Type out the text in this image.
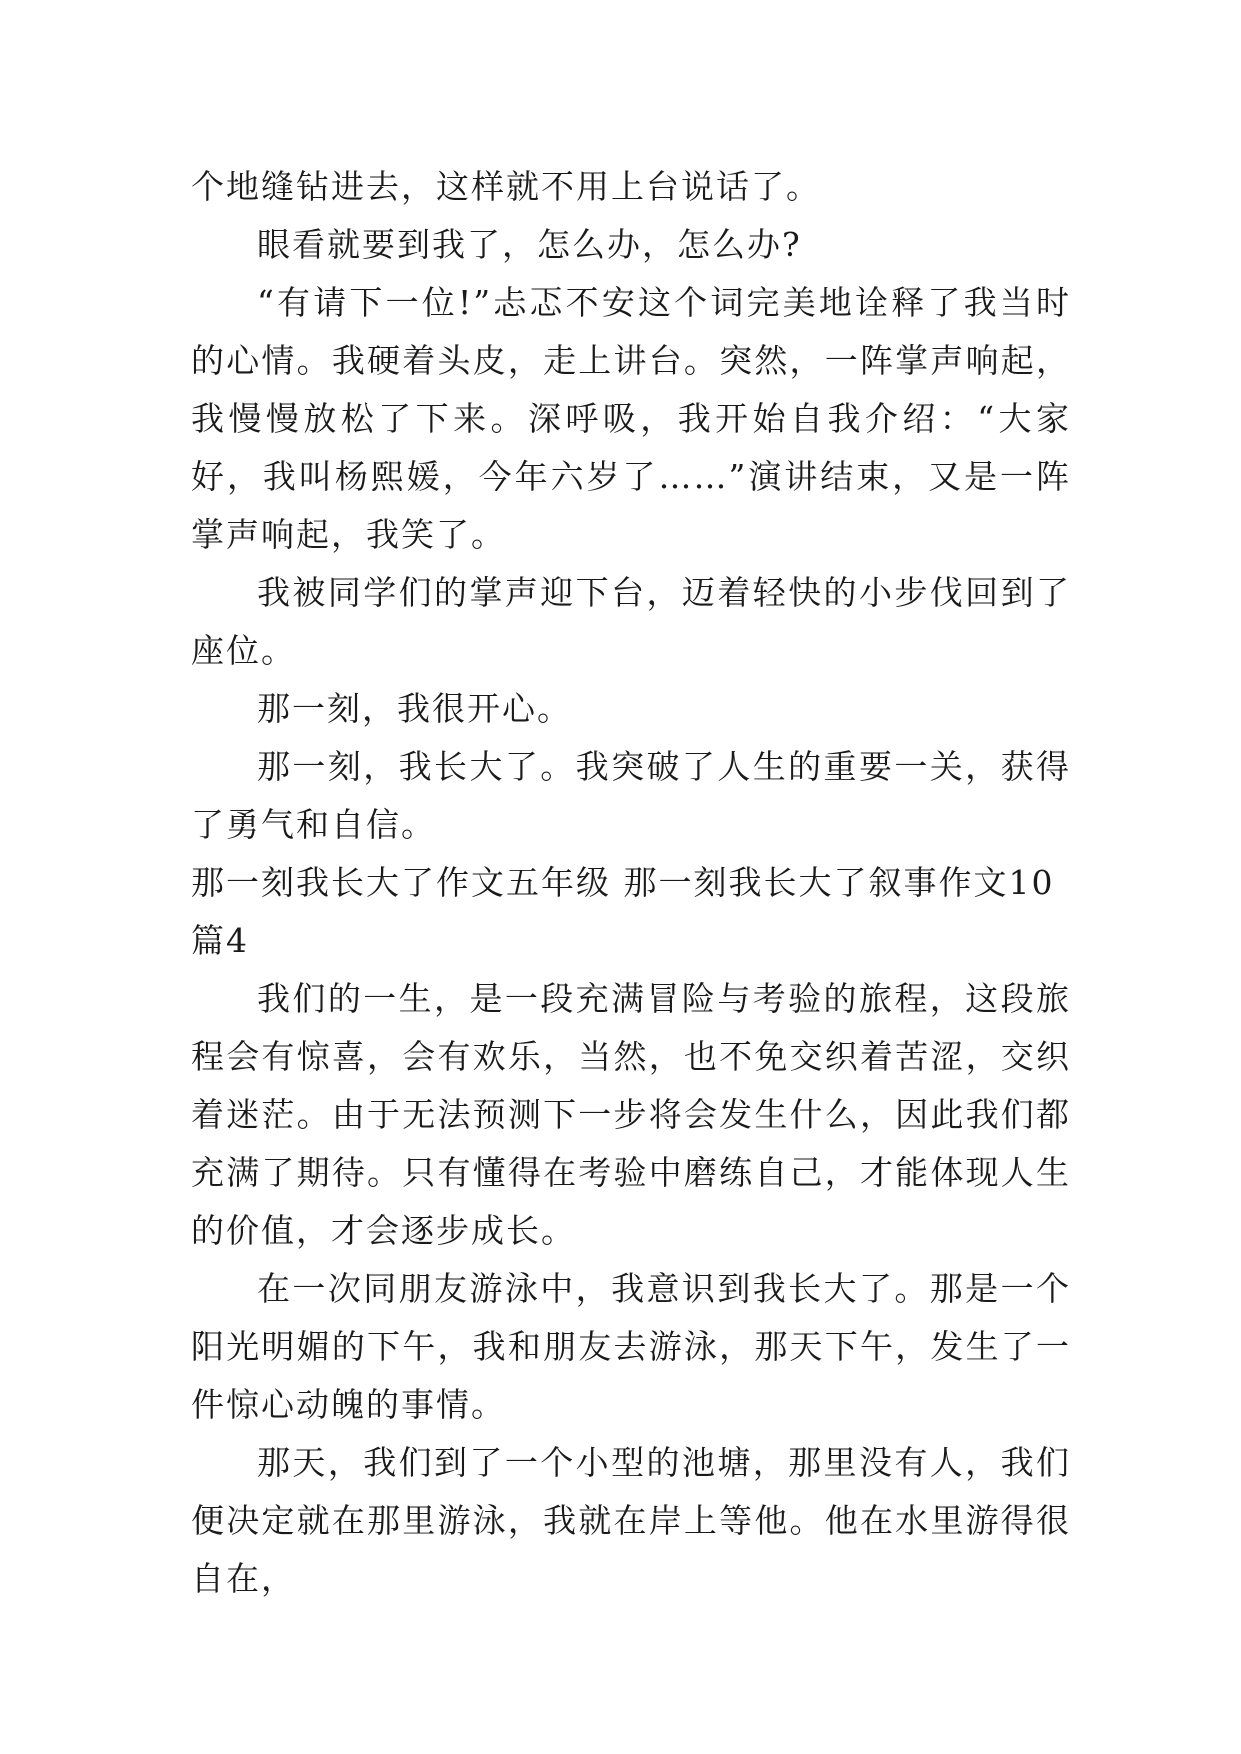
个地缝钻进去，这样就不用上台说话了。

眼看就要到我了，怎么办，怎么办?

“有请下一位!”忐忑不安这个词完美地诠释了我当时的心情。我硬着头皮，走上讲台。突然，一阵掌声响起，我慢慢放松了下来。深呼吸，我开始自我介绍：“大家好，我叫杨熙媛，今年六岁了……”演讲结束，又是一阵掌声响起，我笑了。

我被同学们的掌声迎下台，迈着轻快的小步伐回到了座位。

那一刻，我很开心。

那一刻，我长大了。我突破了人生的重要一关，获得了勇气和自信。

那一刻我长大了作文五年级 那一刻我长大了叙事作文10篇4

我们的一生，是一段充满冒险与考验的旅程，这段旅程会有惊喜，会有欢乐，当然，也不免交织着苦涩，交织着迷茫。由于无法预测下一步将会发生什么，因此我们都充满了期待。只有懂得在考验中磨练自己，才能体现人生的价值，才会逐步成长。

在一次同朋友游泳中，我意识到我长大了。那是一个阳光明媚的下午，我和朋友去游泳，那天下午，发生了一件惊心动魄的事情。

那天，我们到了一个小型的池塘，那里没有人，我们便决定就在那里游泳，我就在岸上等他。他在水里游得很自在，
